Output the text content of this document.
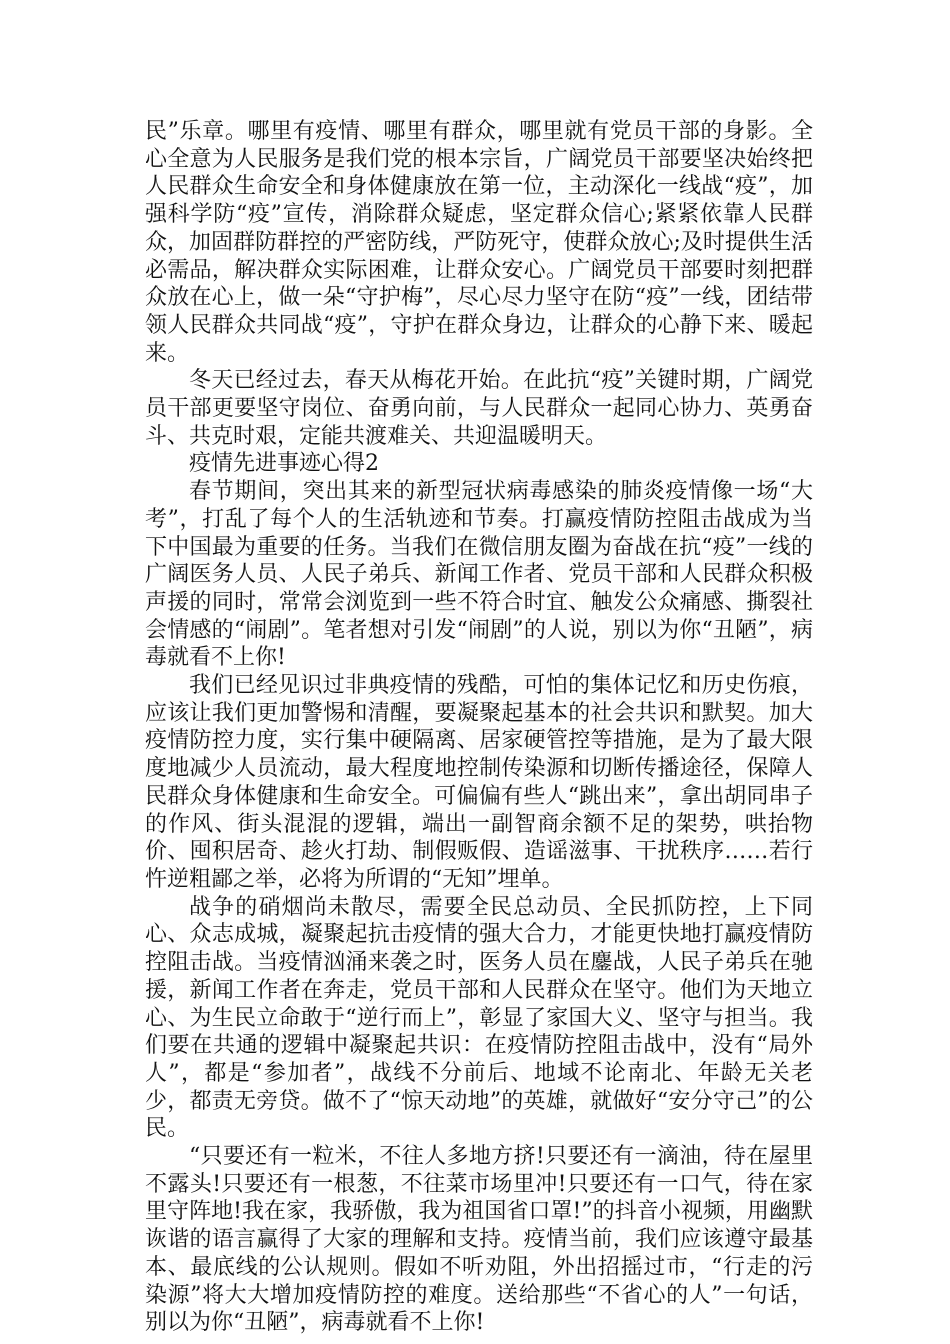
民”乐章。哪里有疫情、哪里有群众，哪里就有党员干部的身影。全心全意为人民服务是我们党的根本宗旨，广阔党员干部要坚决始终把人民群众生命安全和身体健康放在第一位，主动深化一线战“疫”，加强科学防“疫”宣传，消除群众疑虑，坚定群众信心;紧紧依靠人民群众，加固群防群控的严密防线，严防死守，使群众放心;及时提供生活必需品，解决群众实际困难，让群众安心。广阔党员干部要时刻把群众放在心上，做一朵“守护梅”，尽心尽力坚守在防“疫”一线，团结带领人民群众共同战“疫”，守护在群众身边，让群众的心静下来、暖起来。

冬天已经过去，春天从梅花开始。在此抗“疫”关键时期，广阔党员干部更要坚守岗位、奋勇向前，与人民群众一起同心协力、英勇奋斗、共克时艰，定能共渡难关、共迎温暖明天。

疫情先进事迹心得2

春节期间，突出其来的新型冠状病毒感染的肺炎疫情像一场“大考”，打乱了每个人的生活轨迹和节奏。打赢疫情防控阻击战成为当下中国最为重要的任务。当我们在微信朋友圈为奋战在抗“疫”一线的广阔医务人员、人民子弟兵、新闻工作者、党员干部和人民群众积极声援的同时，常常会浏览到一些不符合时宜、触发公众痛感、撕裂社会情感的“闹剧”。笔者想对引发“闹剧”的人说，别以为你“丑陋”，病毒就看不上你!

我们已经见识过非典疫情的残酷，可怕的集体记忆和历史伤痕，应该让我们更加警惕和清醒，要凝聚起基本的社会共识和默契。加大疫情防控力度，实行集中硬隔离、居家硬管控等措施，是为了最大限度地减少人员流动，最大程度地控制传染源和切断传播途径，保障人民群众身体健康和生命安全。可偏偏有些人“跳出来”，拿出胡同串子的作风、街头混混的逻辑，端出一副智商余额不足的架势，哄抬物价、囤积居奇、趁火打劫、制假贩假、造谣滋事、干扰秩序……若行忤逆粗鄙之举，必将为所谓的“无知”埋单。

战争的硝烟尚未散尽，需要全民总动员、全民抓防控，上下同心、众志成城，凝聚起抗击疫情的强大合力，才能更快地打赢疫情防控阻击战。当疫情汹涌来袭之时，医务人员在鏖战，人民子弟兵在驰援，新闻工作者在奔走，党员干部和人民群众在坚守。他们为天地立心、为生民立命敢于“逆行而上”，彰显了家国大义、坚守与担当。我们要在共通的逻辑中凝聚起共识：在疫情防控阻击战中，没有“局外人”，都是“参加者”，战线不分前后、地域不论南北、年龄无关老少，都责无旁贷。做不了“惊天动地”的英雄，就做好“安分守己”的公民。

“只要还有一粒米，不往人多地方挤!只要还有一滴油，待在屋里不露头!只要还有一根葱，不往菜市场里冲!只要还有一口气，待在家里守阵地!我在家，我骄傲，我为祖国省口罩!”的抖音小视频，用幽默诙谐的语言赢得了大家的理解和支持。疫情当前，我们应该遵守最基本、最底线的公认规则。假如不听劝阻，外出招摇过市，“行走的污染源”将大大增加疫情防控的难度。送给那些“不省心的人”一句话，别以为你“丑陋”，病毒就看不上你!
